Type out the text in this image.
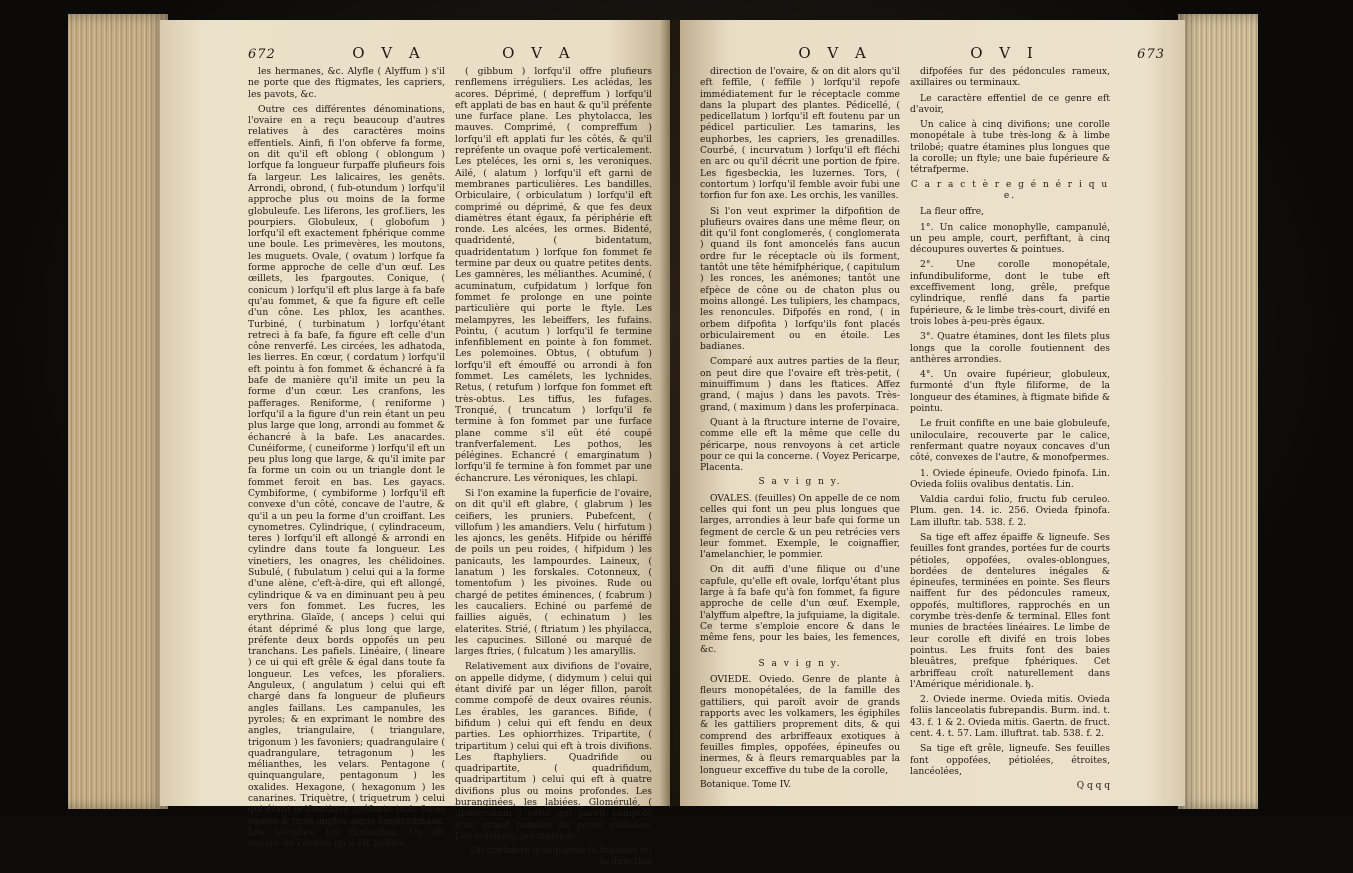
672	O V A	O V A

les hermanes, &c. Alyfle ( Alyffum ) s'il ne porte que des ftigmates, les capriers, les pavots, &c.

Outre ces différentes dénominations, l'ovaire en a reçu beaucoup d'autres relatives à des caractères moins effentiels. Ainfi, fi l'on obferve fa forme, on dit qu'il eft oblong ( oblongum ) lorfque fa longueur furpaffe plufieurs fois fa largeur. Les lalicaires, les genêts. Arrondi, obrond, ( fub-otundum ) lorfqu'il approche plus ou moins de la forme globuleufe. Les liferons, les grof.liers, les pourpiers. Globuleux, ( globofum ) lorfqu'il eft exactement fphérique comme une boule. Les primevères, les moutons, les muguets. Ovale, ( ovatum ) lorfque fa forme approche de celle d'un œuf. Les œillets, les fpargoutes. Conique, ( conicum ) lorfqu'il eft plus large à fa bafe qu'au fommet, & que fa figure eft celle d'un cône. Les phlox, les acanthes. Turbiné, ( turbinatum ) lorfqu'étant retreci à fa bafe, fa figure eft celle d'un cône renverfé. Les circées, les adhatoda, les lierres. En cœur, ( cordatum ) lorfqu'il eft pointu à fon fommet & échancré à fa bafe de manière qu'il imite un peu la forme d'un cœur. Les cranfons, les pafferages. Reniforme, ( reniforme ) lorfqu'il a la figure d'un rein étant un peu plus large que long, arrondi au fommet & échancré à la bafe. Les anacardes. Cunéiforme, ( cuneiforme ) lorfqu'il eft un peu plus long que large, & qu'il imite par fa forme un coin ou un triangle dont le fommet feroit en bas. Les gayacs. Cymbiforme, ( cymbiforme ) lorfqu'il eft convexe d'un côté, concave de l'autre, & qu'il a un peu la forme d'un croiffant. Les cynometres. Cylindrique, ( cylindraceum, teres ) lorfqu'il eft allongé & arrondi en cylindre dans toute fa longueur. Les vinetiers, les onagres, les chélidoines. Subulé, ( fubulatum ) celui qui a la forme d'une alène, c'eft-à-dire, qui eft allongé, cylindrique & va en diminuant peu à peu vers fon fommet. Les fucres, les erythrina. Glaïde, ( anceps ) celui qui étant déprimé & plus long que large, préfente deux bords oppofés un peu tranchans. Les pafiels. Linéaire, ( lineare ) ce ui qui eft grêle & égal dans toute fa longueur. Les vefces, les pforaliers. Anguleux, ( angulatum ) celui qui eft chargé dans fa longueur de plufieurs angles faillans. Les campanules, les pyroles; & en exprimant le nombre des angles, triangulaire, ( triangulare, trigonum ) les favoniers; quadrangulaire ( quadrangulare, tetragonum ) les mélianthes, les velars. Pentagone ( quinquangulare, pentagonum ) les oxalides. Hexagone, ( hexagonum ) les canarines. Triquètre, ( triquetrum ) celui qui étant prifmatique préfente trois faces égales & trois angles aigus longitudinaux. Les teléphes, les rhubarbes. On dit encore de l'ovaire qu'il eft boffelé,

( gibbum ) lorfqu'il offre plufieurs renflemens irréguliers. Les aclédas, les acores. Déprimé, ( depreffum ) lorfqu'il eft applati de bas en haut & qu'il préfente une furface plane. Les phytolacca, les mauves. Comprimé, ( compreffum ) lorfqu'il eft applati fur les côtés, & qu'il repréfente un ovaque pofé verticalement. Les pteléces, les orni s, les veroniques. Ailé, ( alatum ) lorfqu'il eft garni de membranes particulières. Les bandilles. Orbiculaire, ( orbiculatum ) lorfqu'il eft comprimé ou déprimé, & que fes deux diamètres étant égaux, fa périphérie eft ronde. Les alcées, les ormes. Bidenté, quadridenté, ( bidentatum, quadridentatum ) lorfque fon fommet fe termine par deux ou quatre petites dents. Les gamnères, les mélianthes. Acuminé, ( acuminatum, cufpidatum ) lorfque fon fommet fe prolonge en une pointe particulière qui porte le ftyle. Les melampyres, les lebeiffers, les fufains. Pointu, ( acutum ) lorfqu'il fe termine infenfiblement en pointe à fon fommet. Les polemoines. Obtus, ( obtufum ) lorfqu'il eft émouffé ou arrondi à fon fommet. Les camélets, les lychnides. Retus, ( retufum ) lorfque fon fommet eft très-obtus. Les tiffus, les fufages. Tronqué, ( truncatum ) lorfqu'il fe termine à fon fommet par une furface plane comme s'il eût été coupé tranfverfalement. Les pothos, les pélégines. Echancré ( emarginatum ) lorfqu'il fe termine à fon fommet par une échancrure. Les véroniques, les chlapi.

Si l'on examine la fuperficie de l'ovaire, on dit qu'il eft glabre, ( glabrum ) les ceifiers, les pruniers. Pubefcent, ( villofum ) les amandiers. Velu ( hirfutum ) les ajoncs, les genêts. Hifpide ou hériffé de poils un peu roides, ( hifpidum ) les panicauts, les lampourdes. Laineux, ( lanatum ) les forskales. Cotonneux, ( tomentofum ) les pivoines. Rude ou chargé de petites éminences, ( fcabrum ) les caucaliers. Echiné ou parfemé de faillies aiguës, ( echinatum ) les elaterites. Strié, ( ftriatum ) les phyilacca, les capucines. Silloné ou marqué de larges ftries, ( fulcatum ) les amaryllis.

Relativement aux divifions de l'ovaire, on appelle didyme, ( didymum ) celui qui étant divifé par un léger fillon, paroît comme compofé de deux ovaires réunis. Les érables, les garances. Bifide, ( bifidum ) celui qui eft fendu en deux parties. Les ophiorrhizes. Tripartite, ( tripartitum ) celui qui eft à trois divifions. Les ftaphyliers. Quadrifide ou quadripartite, ( quadrifidum, quadripartitum ) celui qui eft à quatre divifions plus ou moins profondes. Les buranginées, les labiées. Glomérulé, ( glomeratum ) celui qui paroît compofé d'un grand nombre de petits globules. Les poleuses, les malopes.

On confidère quelquefois la fituation ou la direction

O V A	O V I	673

direction de l'ovaire, & on dit alors qu'il eft feffile, ( feffile ) lorfqu'il repofe immédiatement fur le réceptacle comme dans la plupart des plantes. Pédicellé, ( pedicellatum ) lorfqu'il eft foutenu par un pédicel particulier. Les tamarins, les euphorbes, les capriers, les grenadilles. Courbé, ( incurvatum ) lorfqu'il eft fléchi en arc ou qu'il décrit une portion de fpire. Les figesbeckia, les luzernes. Tors, ( contortum ) lorfqu'il femble avoir fubi une torfion fur fon axe. Les orchis, les vanilles.

Si l'on veut exprimer la difpofition de plufieurs ovaires dans une même fleur, on dit qu'il font conglomerés, ( conglomerata ) quand ils font amoncelés fans aucun ordre fur le réceptacle où ils forment, tantôt une tête hémifphérique, ( capitulum ) les ronces, les anémones; tantôt une efpèce de cône ou de chaton plus ou moins allongé. Les tulipiers, les champacs, les renoncules. Difpofés en rond, ( in orbem difpofita ) lorfqu'ils font placés orbiculairement ou en étoile. Les badianes.

Comparé aux autres parties de la fleur, on peut dire que l'ovaire eft très-petit, ( minuiffimum ) dans les ftatices. Affez grand, ( majus ) dans les pavots. Très-grand, ( maximum ) dans les proferpinaca.

Quant à la ftructure interne de l'ovaire, comme elle eft la même que celle du péricarpe, nous renvoyons à cet article pour ce qui la concerne. ( Voyez Pericarpe, Placenta.

S a v i g n y.

OVALES. (feuilles) On appelle de ce nom celles qui font un peu plus longues que larges, arrondies à leur bafe qui forme un fegment de cercle & un peu retrécies vers leur fommet. Exemple, le coignaffier, l'amelanchier, le pommier.

On dit auffi d'une filique ou d'une capfule, qu'elle eft ovale, lorfqu'étant plus large à fa bafe qu'à fon fommet, fa figure approche de celle d'un œuf. Exemple, l'alyffum alpeftre, la jufquiame, la digitale. Ce terme s'emploie encore & dans le même fens, pour les baies, les femences, &c.

S a v i g n y.

OVIEDE. Oviedo. Genre de plante à fleurs monopétalées, de la famille des gattiliers, qui paroît avoir de grands rapports avec les volkamers, les égiphiles & les gattiliers proprement dits, & qui comprend des arbriffeaux exotiques à feuilles fimples, oppofées, épineufes ou inermes, & à fleurs remarquables par la longueur exceffive du tube de la corolle,

Botanique. Tome IV.

difpofées fur des pédoncules rameux, axillaires ou terminaux.

Le caractère effentiel de ce genre eft d'avoir,

Un calice à cinq divifions; une corolle monopétale à tube très-long & à limbe trilobé; quatre étamines plus longues que la corolle; un ftyle; une baie fupérieure & tétrafperme.

C a r a c t è r e g é n é r i q u e.

La fleur offre,

1°. Un calice monophylle, campanulé, un peu ample, court, perfiftant, à cinq découpures ouvertes & pointues.

2°. Une corolle monopétale, infundibuliforme, dont le tube eft exceffivement long, grêle, prefque cylindrique, renflé dans fa partie fupérieure, & le limbe très-court, divifé en trois lobes à-peu-près égaux.

3°. Quatre étamines, dont les filets plus longs que la corolle foutiennent des anthères arrondies.

4°. Un ovaire fupérieur, globuleux, furmonté d'un ftyle filiforme, de la longueur des étamines, à ftigmate bifide & pointu.

Le fruit confifte en une baie globuleufe, uniloculaire, recouverte par le calice, renfermant quatre noyaux concaves d'un côté, convexes de l'autre, & monofpermes.

1. Oviede épineufe. Oviedo fpinofa. Lin. Ovieda foliis ovalibus dentatis. Lin.

Valdia cardui folio, fructu fub ceruleo. Plum. gen. 14. ic. 256. Ovieda fpinofa. Lam illuftr. tab. 538. f. 2.

Sa tige eft affez épaiffe & ligneufe. Ses feuilles font grandes, portées fur de courts pétioles, oppofées, ovales-oblongues, bordées de dentelures inégales & épineufes, terminées en pointe. Ses fleurs naiffent fur des pédoncules rameux, oppofés, multiflores, rapprochés en un corymbe très-denfe & terminal. Elles font munies de bractées linéaires. Le limbe de leur corolle eft divifé en trois lobes pointus. Les fruits font des baies bleuâtres, prefque fphériques. Cet arbriffeau croît naturellement dans l'Amérique méridionale. ђ.

2. Oviede inerme. Ovieda mitis. Ovieda foliis lanceolatis fubrepandis. Burm. ind. t. 43. f. 1 & 2. Ovieda mitis. Gaertn. de fruct. cent. 4. t. 57. Lam. illuftrat. tab. 538. f. 2.

Sa tige eft grêle, ligneufe. Ses feuilles font oppofées, pétiolées, étroites, lancéolées,

Q q q q
